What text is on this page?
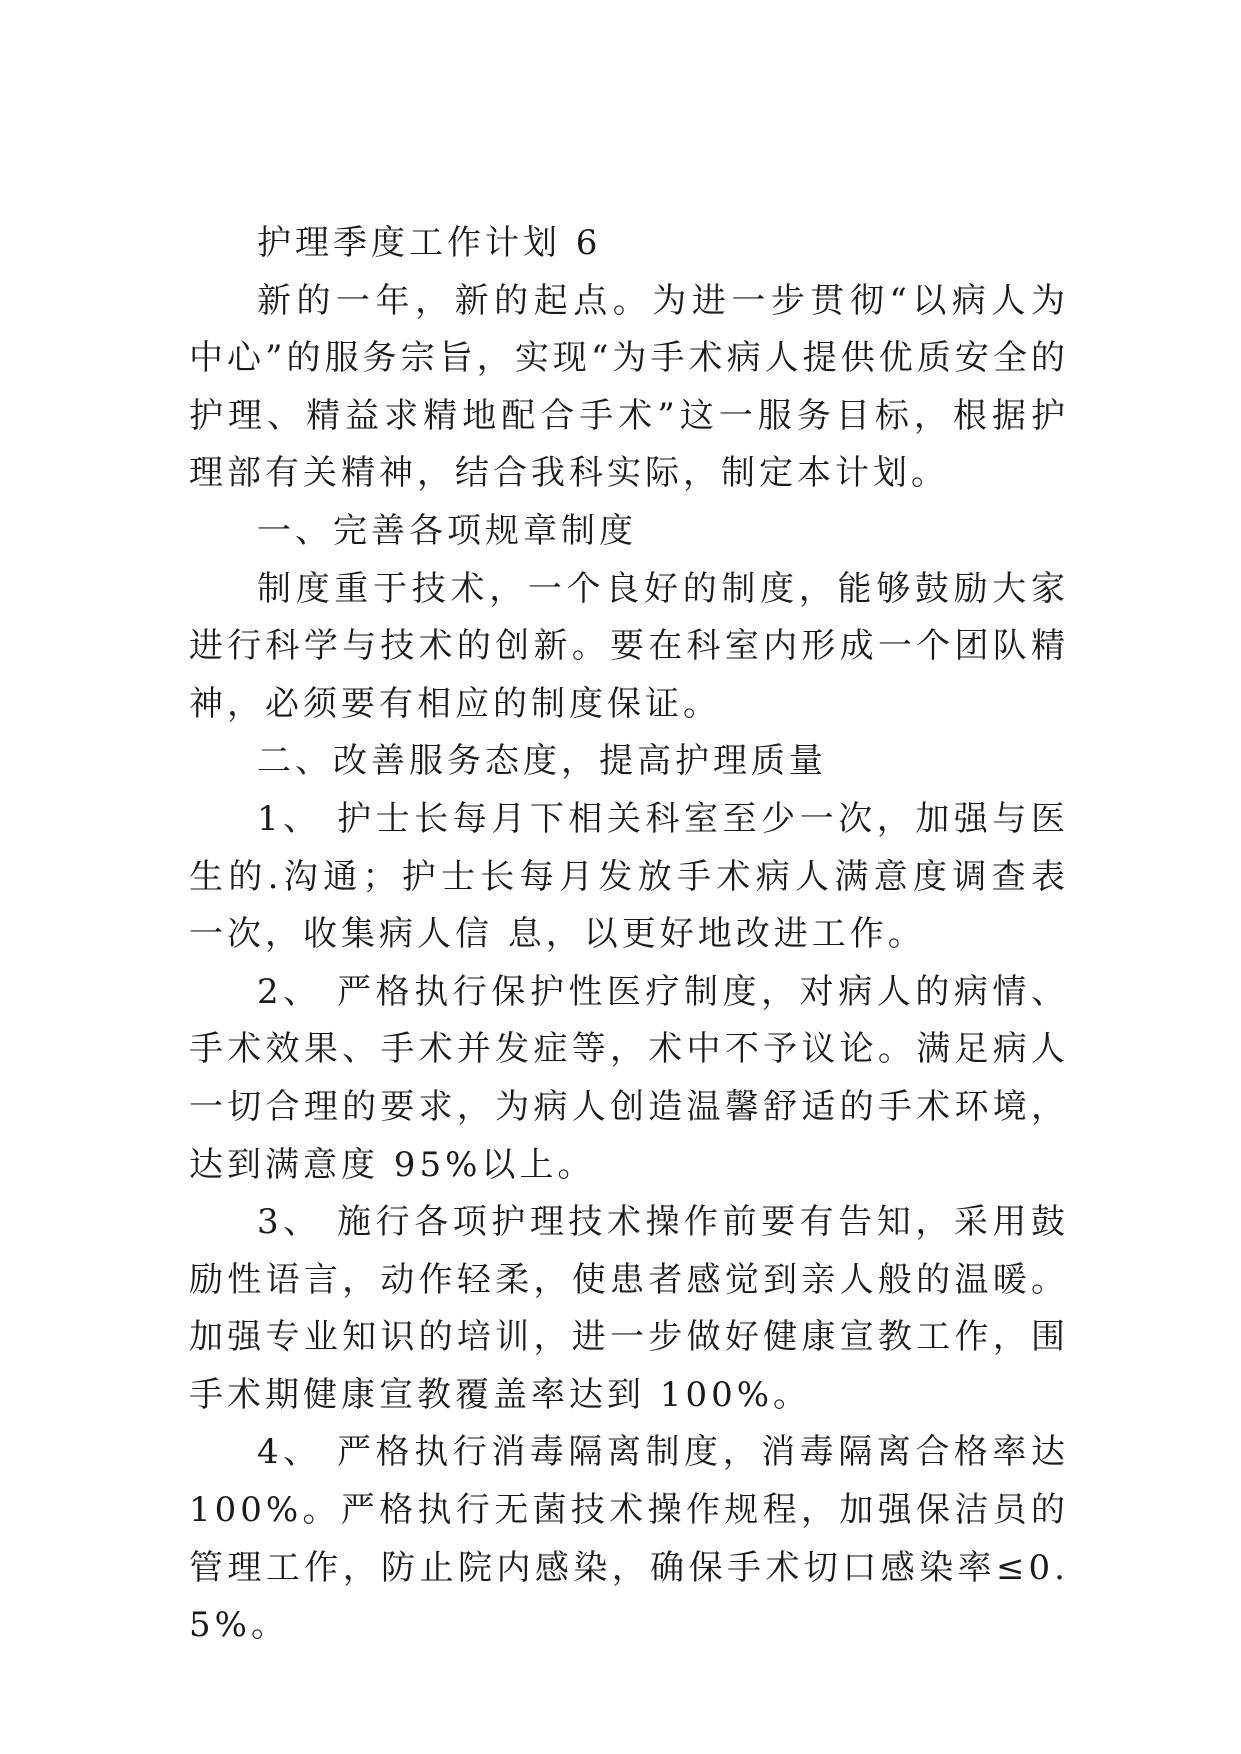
护理季度工作计划 6

新的一年，新的起点。为进一步贯彻“以病人为中心”的服务宗旨，实现“为手术病人提供优质安全的护理、精益求精地配合手术”这一服务目标，根据护理部有关精神，结合我科实际，制定本计划。

一、完善各项规章制度

制度重于技术，一个良好的制度，能够鼓励大家进行科学与技术的创新。要在科室内形成一个团队精神，必须要有相应的制度保证。

二、改善服务态度，提高护理质量

1、 护士长每月下相关科室至少一次，加强与医生的.沟通；护士长每月发放手术病人满意度调查表一次，收集病人信 息，以更好地改进工作。

2、 严格执行保护性医疗制度，对病人的病情、手术效果、手术并发症等，术中不予议论。满足病人一切合理的要求，为病人创造温馨舒适的手术环境，达到满意度 95%以上。

3、 施行各项护理技术操作前要有告知，采用鼓励性语言，动作轻柔，使患者感觉到亲人般的温暖。加强专业知识的培训，进一步做好健康宣教工作，围手术期健康宣教覆盖率达到 100%。

4、 严格执行消毒隔离制度，消毒隔离合格率达 100%。严格执行无菌技术操作规程，加强保洁员的管理工作，防止院内感染，确保手术切口感染率≤0.5%。
